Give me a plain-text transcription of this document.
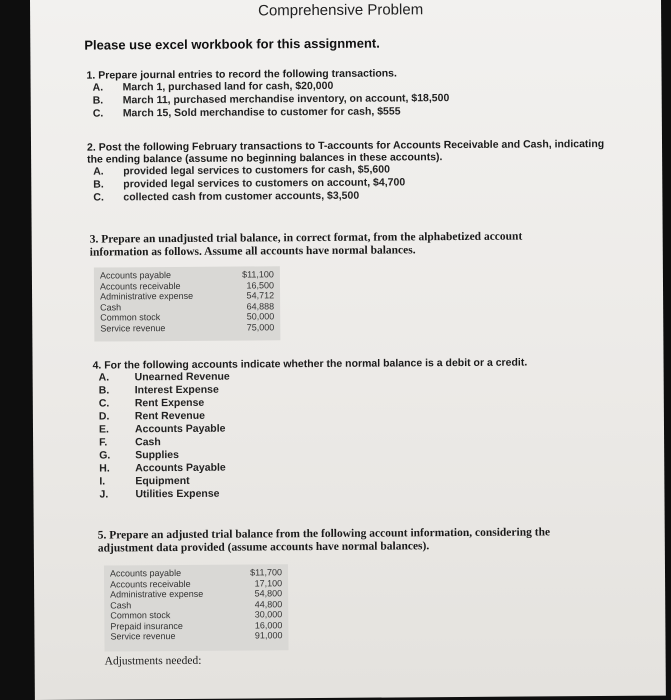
Comprehensive Problem
Please use excel workbook for this assignment.
1. Prepare journal entries to record the following transactions.
A.	March 1, purchased land for cash, $20,000
B.	March 11, purchased merchandise inventory, on account, $18,500
C.	March 15, Sold merchandise to customer for cash, $555
2. Post the following February transactions to T-accounts for Accounts Receivable and Cash, indicating
the ending balance (assume no beginning balances in these accounts).
A.	provided legal services to customers for cash, $5,600
B.	provided legal services to customers on account, $4,700
C.	collected cash from customer accounts, $3,500
3. Prepare an unadjusted trial balance, in correct format, from the alphabetized account
information as follows. Assume all accounts have normal balances.
Accounts payable	$11,100
Accounts receivable	16,500
Administrative expense	54,712
Cash	64,888
Common stock	50,000
Service revenue	75,000
4. For the following accounts indicate whether the normal balance is a debit or a credit.
A.	Unearned Revenue
B.	Interest Expense
C.	Rent Expense
D.	Rent Revenue
E.	Accounts Payable
F.	Cash
G.	Supplies
H.	Accounts Payable
I.	Equipment
J.	Utilities Expense
5. Prepare an adjusted trial balance from the following account information, considering the
adjustment data provided (assume accounts have normal balances).
Accounts payable	$11,700
Accounts receivable	17,100
Administrative expense	54,800
Cash	44,800
Common stock	30,000
Prepaid insurance	16,000
Service revenue	91,000
Adjustments needed:
